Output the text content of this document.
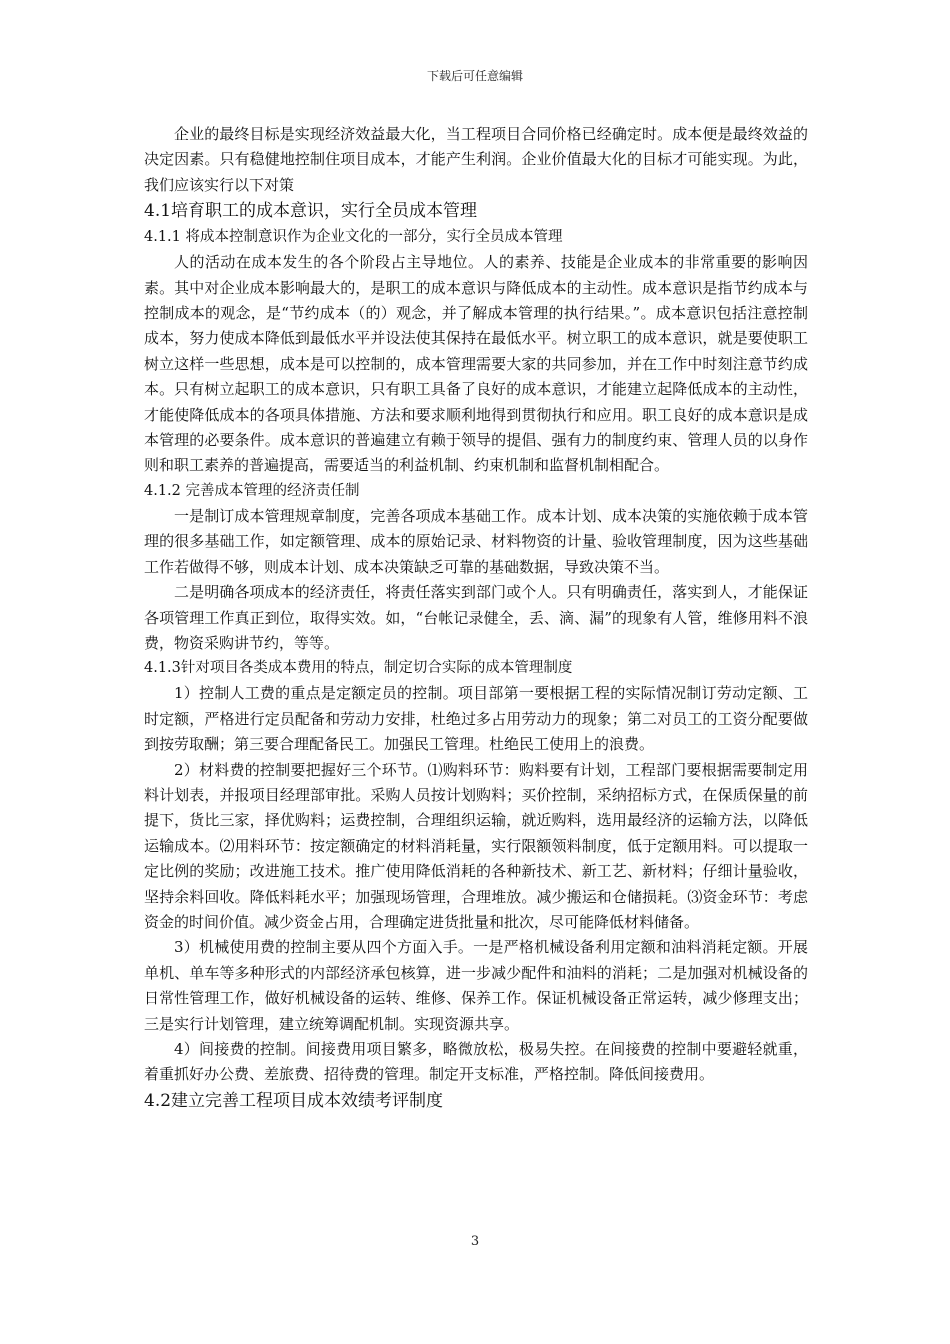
下载后可任意编辑

企业的最终目标是实现经济效益最大化，当工程项目合同价格已经确定时。成本便是最终效益的决定因素。只有稳健地控制住项目成本，才能产生利润。企业价值最大化的目标才可能实现。为此，我们应该实行以下对策

4.1培育职工的成本意识，实行全员成本管理

4.1.1 将成本控制意识作为企业文化的一部分，实行全员成本管理

人的活动在成本发生的各个阶段占主导地位。人的素养、技能是企业成本的非常重要的影响因素。其中对企业成本影响最大的，是职工的成本意识与降低成本的主动性。成本意识是指节约成本与控制成本的观念，是“节约成本（的）观念，并了解成本管理的执行结果。”。成本意识包括注意控制成本，努力使成本降低到最低水平并设法使其保持在最低水平。树立职工的成本意识，就是要使职工树立这样一些思想，成本是可以控制的，成本管理需要大家的共同参加，并在工作中时刻注意节约成本。只有树立起职工的成本意识，只有职工具备了良好的成本意识，才能建立起降低成本的主动性，才能使降低成本的各项具体措施、方法和要求顺利地得到贯彻执行和应用。职工良好的成本意识是成本管理的必要条件。成本意识的普遍建立有赖于领导的提倡、强有力的制度约束、管理人员的以身作则和职工素养的普遍提高，需要适当的利益机制、约束机制和监督机制相配合。

4.1.2 完善成本管理的经济责任制

一是制订成本管理规章制度，完善各项成本基础工作。成本计划、成本决策的实施依赖于成本管理的很多基础工作，如定额管理、成本的原始记录、材料物资的计量、验收管理制度，因为这些基础工作若做得不够，则成本计划、成本决策缺乏可靠的基础数据，导致决策不当。

二是明确各项成本的经济责任，将责任落实到部门或个人。只有明确责任，落实到人，才能保证各项管理工作真正到位，取得实效。如，“台帐记录健全，丢、滴、漏”的现象有人管，维修用料不浪费，物资采购讲节约，等等。

4.1.3针对项目各类成本费用的特点，制定切合实际的成本管理制度

1）控制人工费的重点是定额定员的控制。项目部第一要根据工程的实际情况制订劳动定额、工时定额，严格进行定员配备和劳动力安排，杜绝过多占用劳动力的现象；第二对员工的工资分配要做到按劳取酬；第三要合理配备民工。加强民工管理。杜绝民工使用上的浪费。

2）材料费的控制要把握好三个环节。⑴购料环节：购料要有计划，工程部门要根据需要制定用料计划表，并报项目经理部审批。采购人员按计划购料；买价控制，采纳招标方式，在保质保量的前提下，货比三家，择优购料；运费控制，合理组织运输，就近购料，选用最经济的运输方法，以降低运输成本。⑵用料环节：按定额确定的材料消耗量，实行限额领料制度，低于定额用料。可以提取一定比例的奖励；改进施工技术。推广使用降低消耗的各种新技术、新工艺、新材料；仔细计量验收，坚持余料回收。降低料耗水平；加强现场管理，合理堆放。减少搬运和仓储损耗。⑶资金环节：考虑资金的时间价值。减少资金占用，合理确定进货批量和批次，尽可能降低材料储备。

3）机械使用费的控制主要从四个方面入手。一是严格机械设备利用定额和油料消耗定额。开展单机、单车等多种形式的内部经济承包核算，进一步减少配件和油料的消耗；二是加强对机械设备的日常性管理工作，做好机械设备的运转、维修、保养工作。保证机械设备正常运转，减少修理支出；三是实行计划管理，建立统筹调配机制。实现资源共享。

4）间接费的控制。间接费用项目繁多，略微放松，极易失控。在间接费的控制中要避轻就重，着重抓好办公费、差旅费、招待费的管理。制定开支标准，严格控制。降低间接费用。

4.2建立完善工程项目成本效绩考评制度

3
